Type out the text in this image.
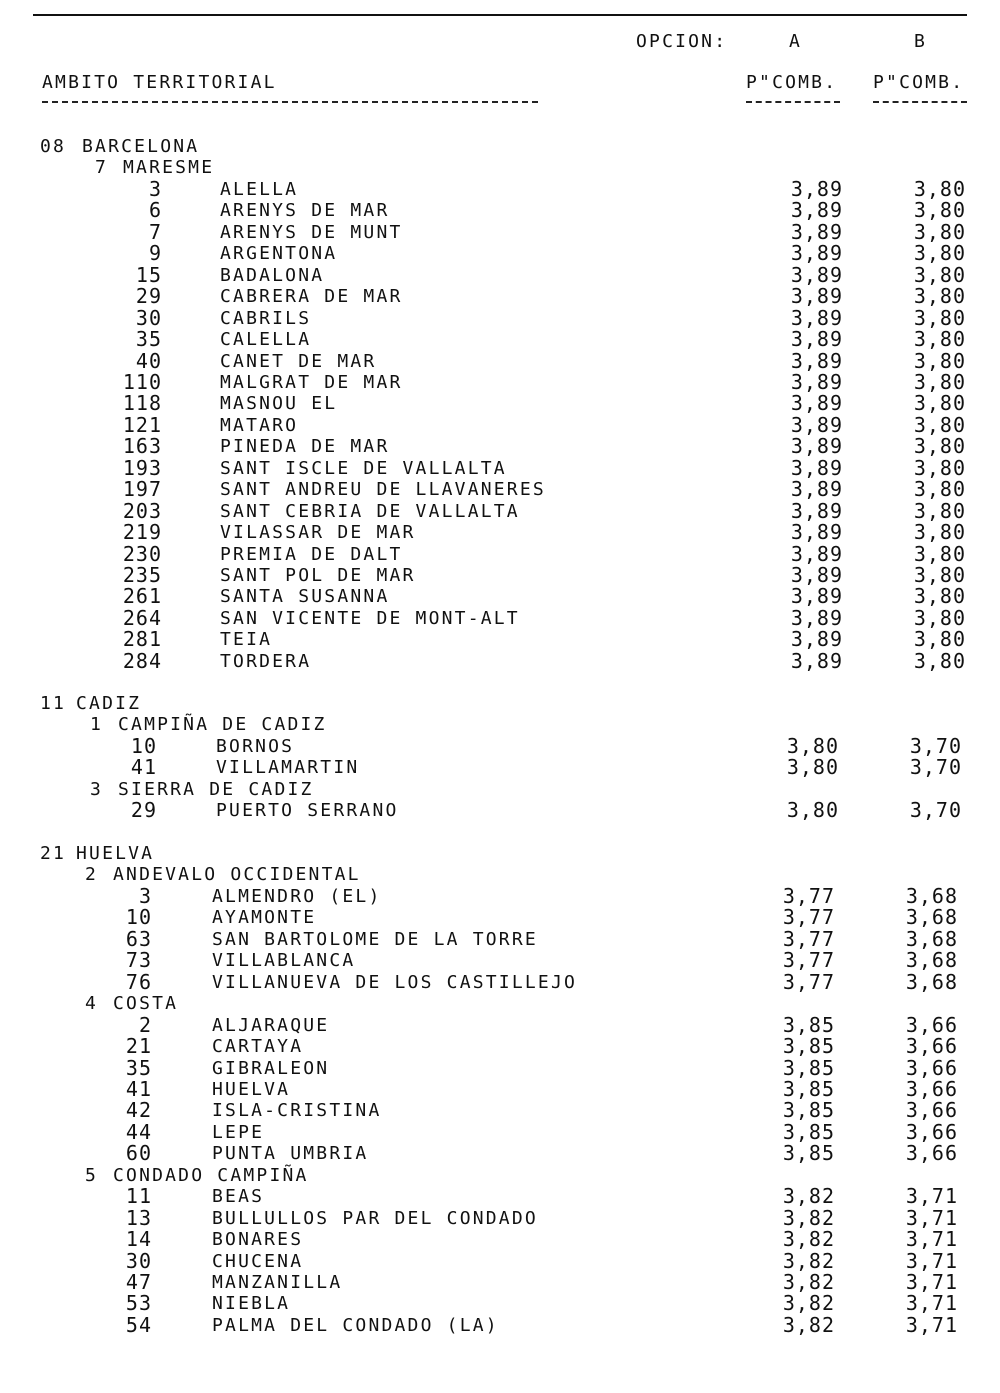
OPCION:	A	B
AMBITO TERRITORIAL	P"COMB. P"COMB.
08 BARCELONA
7 MARESME
3	ALELLA	3,89	3,80
6	ARENYS DE MAR	3,89	3,80
7	ARENYS DE MUNT	3,89	3,80
9	ARGENTONA	3,89	3,80
15	BADALONA	3,89	3,80
29	CABRERA DE MAR	3,89	3,80
30	CABRILS	3,89	3,80
35	CALELLA	3,89	3,80
40	CANET DE MAR	3,89	3,80
110	MALGRAT DE MAR	3,89	3,80
118	MASNOU EL	3,89	3,80
121	MATARO	3,89	3,80
163	PINEDA DE MAR	3,89	3,80
193	SANT ISCLE DE VALLALTA	3,89	3,80
197	SANT ANDREU DE LLAVANERES	3,89	3,80
203	SANT CEBRIA DE VALLALTA	3,89	3,80
219	VILASSAR DE MAR	3,89	3,80
230	PREMIA DE DALT	3,89	3,80
235	SANT POL DE MAR	3,89	3,80
261	SANTA SUSANNA	3,89	3,80
264	SAN VICENTE DE MONT-ALT	3,89	3,80
281	TEIA	3,89	3,80
284	TORDERA	3,89	3,80
11 CADIZ
1 CAMPIÑA DE CADIZ
10	BORNOS	3,80	3,70
41	VILLAMARTIN	3,80	3,70
3 SIERRA DE CADIZ
29	PUERTO SERRANO	3,80	3,70
21 HUELVA
2 ANDEVALO OCCIDENTAL
3	ALMENDRO (EL)	3,77	3,68
10	AYAMONTE	3,77	3,68
63	SAN BARTOLOME DE LA TORRE	3,77	3,68
73	VILLABLANCA	3,77	3,68
76	VILLANUEVA DE LOS CASTILLEJO	3,77	3,68
4 COSTA
2	ALJARAQUE	3,85	3,66
21	CARTAYA	3,85	3,66
35	GIBRALEON	3,85	3,66
41	HUELVA	3,85	3,66
42	ISLA-CRISTINA	3,85	3,66
44	LEPE	3,85	3,66
60	PUNTA UMBRIA	3,85	3,66
5 CONDADO CAMPIÑA
11	BEAS	3,82	3,71
13	BULLULLOS PAR DEL CONDADO	3,82	3,71
14	BONARES	3,82	3,71
30	CHUCENA	3,82	3,71
47	MANZANILLA	3,82	3,71
53	NIEBLA	3,82	3,71
54	PALMA DEL CONDADO (LA)	3,82	3,71
